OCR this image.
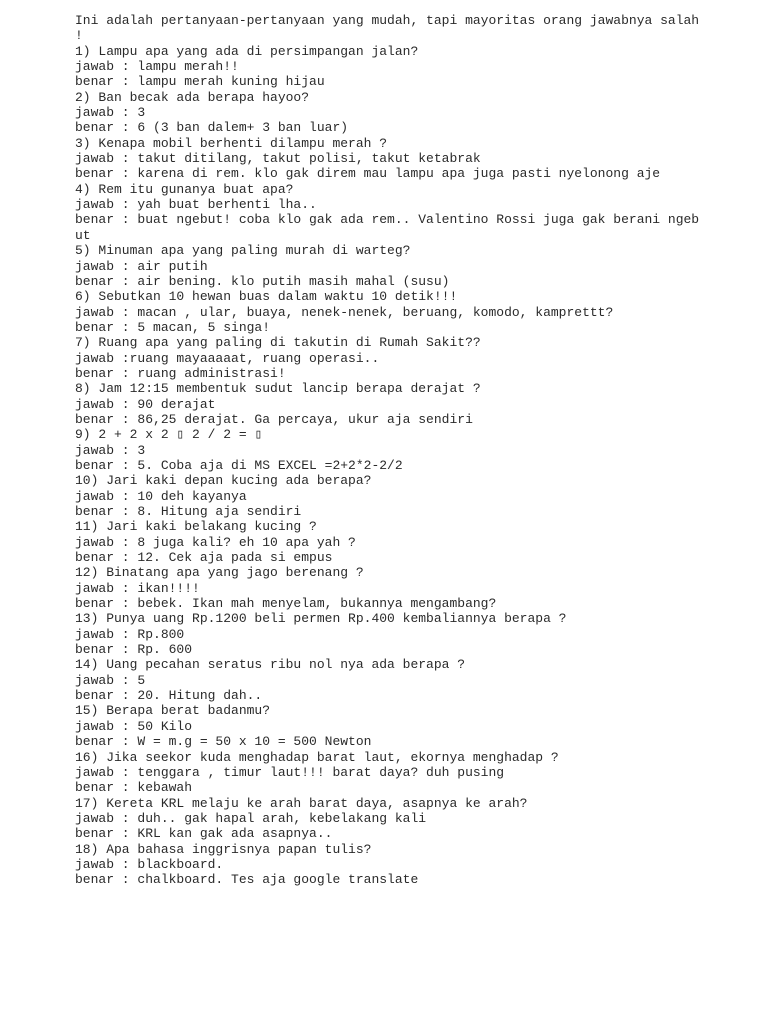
Ini adalah pertanyaan-pertanyaan yang mudah, tapi mayoritas orang jawabnya salah
!
1) Lampu apa yang ada di persimpangan jalan?
jawab : lampu merah!!
benar : lampu merah kuning hijau
2) Ban becak ada berapa hayoo?
jawab : 3
benar : 6 (3 ban dalem+ 3 ban luar)
3) Kenapa mobil berhenti dilampu merah ?
jawab : takut ditilang, takut polisi, takut ketabrak
benar : karena di rem. klo gak direm mau lampu apa juga pasti nyelonong aje
4) Rem itu gunanya buat apa?
jawab : yah buat berhenti lha..
benar : buat ngebut! coba klo gak ada rem.. Valentino Rossi juga gak berani ngeb
ut
5) Minuman apa yang paling murah di warteg?
jawab : air putih
benar : air bening. klo putih masih mahal (susu)
6) Sebutkan 10 hewan buas dalam waktu 10 detik!!!
jawab : macan , ular, buaya, nenek-nenek, beruang, komodo, kamprettt?
benar : 5 macan, 5 singa!
7) Ruang apa yang paling di takutin di Rumah Sakit??
jawab :ruang mayaaaaat, ruang operasi..
benar : ruang administrasi!
8) Jam 12:15 membentuk sudut lancip berapa derajat ?
jawab : 90 derajat
benar : 86,25 derajat. Ga percaya, ukur aja sendiri
9) 2 + 2 x 2 ▯ 2 / 2 = ▯
jawab : 3
benar : 5. Coba aja di MS EXCEL =2+2*2-2/2
10) Jari kaki depan kucing ada berapa?
jawab : 10 deh kayanya
benar : 8. Hitung aja sendiri
11) Jari kaki belakang kucing ?
jawab : 8 juga kali? eh 10 apa yah ?
benar : 12. Cek aja pada si empus
12) Binatang apa yang jago berenang ?
jawab : ikan!!!!
benar : bebek. Ikan mah menyelam, bukannya mengambang?
13) Punya uang Rp.1200 beli permen Rp.400 kembaliannya berapa ?
jawab : Rp.800
benar : Rp. 600
14) Uang pecahan seratus ribu nol nya ada berapa ?
jawab : 5
benar : 20. Hitung dah..
15) Berapa berat badanmu?
jawab : 50 Kilo
benar : W = m.g = 50 x 10 = 500 Newton
16) Jika seekor kuda menghadap barat laut, ekornya menghadap ?
jawab : tenggara , timur laut!!! barat daya? duh pusing
benar : kebawah
17) Kereta KRL melaju ke arah barat daya, asapnya ke arah?
jawab : duh.. gak hapal arah, kebelakang kali
benar : KRL kan gak ada asapnya..
18) Apa bahasa inggrisnya papan tulis?
jawab : blackboard.
benar : chalkboard. Tes aja google translate
